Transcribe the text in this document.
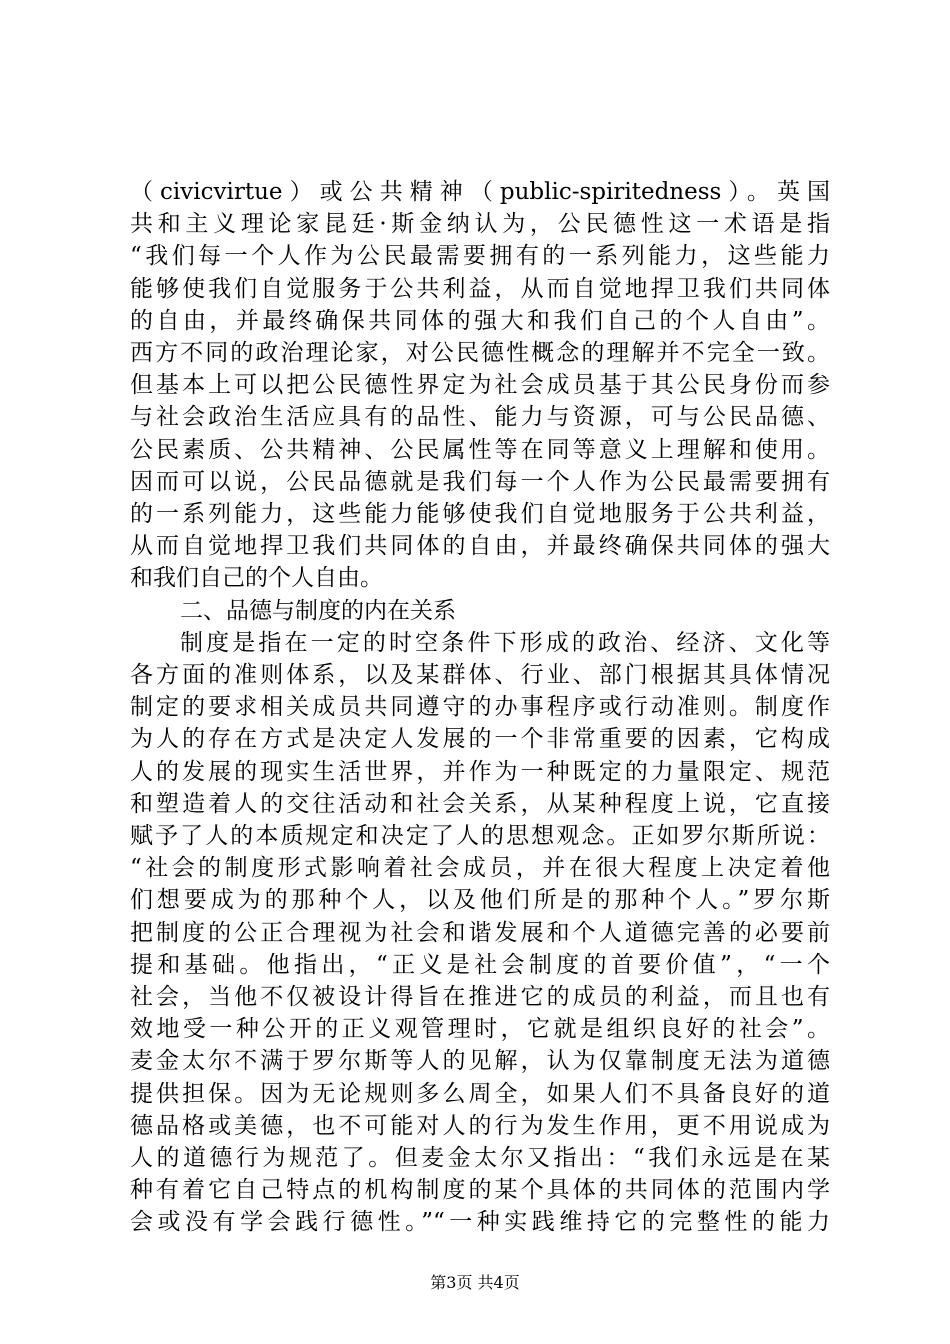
（civicvirtue）或公共精神（public-spiritedness）。英国
共和主义理论家昆廷·斯金纳认为，公民德性这一术语是指
“我们每一个人作为公民最需要拥有的一系列能力，这些能力
能够使我们自觉服务于公共利益，从而自觉地捍卫我们共同体
的自由，并最终确保共同体的强大和我们自己的个人自由”。
西方不同的政治理论家，对公民德性概念的理解并不完全一致。
但基本上可以把公民德性界定为社会成员基于其公民身份而参
与社会政治生活应具有的品性、能力与资源，可与公民品德、
公民素质、公共精神、公民属性等在同等意义上理解和使用。
因而可以说，公民品德就是我们每一个人作为公民最需要拥有
的一系列能力，这些能力能够使我们自觉地服务于公共利益，
从而自觉地捍卫我们共同体的自由，并最终确保共同体的强大
和我们自己的个人自由。
二、品德与制度的内在关系
制度是指在一定的时空条件下形成的政治、经济、文化等
各方面的准则体系，以及某群体、行业、部门根据其具体情况
制定的要求相关成员共同遵守的办事程序或行动准则。制度作
为人的存在方式是决定人发展的一个非常重要的因素，它构成
人的发展的现实生活世界，并作为一种既定的力量限定、规范
和塑造着人的交往活动和社会关系，从某种程度上说，它直接
赋予了人的本质规定和决定了人的思想观念。正如罗尔斯所说：
“社会的制度形式影响着社会成员，并在很大程度上决定着他
们想要成为的那种个人，以及他们所是的那种个人。”罗尔斯
把制度的公正合理视为社会和谐发展和个人道德完善的必要前
提和基础。他指出，“正义是社会制度的首要价值”，“一个
社会，当他不仅被设计得旨在推进它的成员的利益，而且也有
效地受一种公开的正义观管理时，它就是组织良好的社会”。
麦金太尔不满于罗尔斯等人的见解，认为仅靠制度无法为道德
提供担保。因为无论规则多么周全，如果人们不具备良好的道
德品格或美德，也不可能对人的行为发生作用，更不用说成为
人的道德行为规范了。但麦金太尔又指出：“我们永远是在某
种有着它自己特点的机构制度的某个具体的共同体的范围内学
会或没有学会践行德性。”“一种实践维持它的完整性的能力
第3页 共4页
